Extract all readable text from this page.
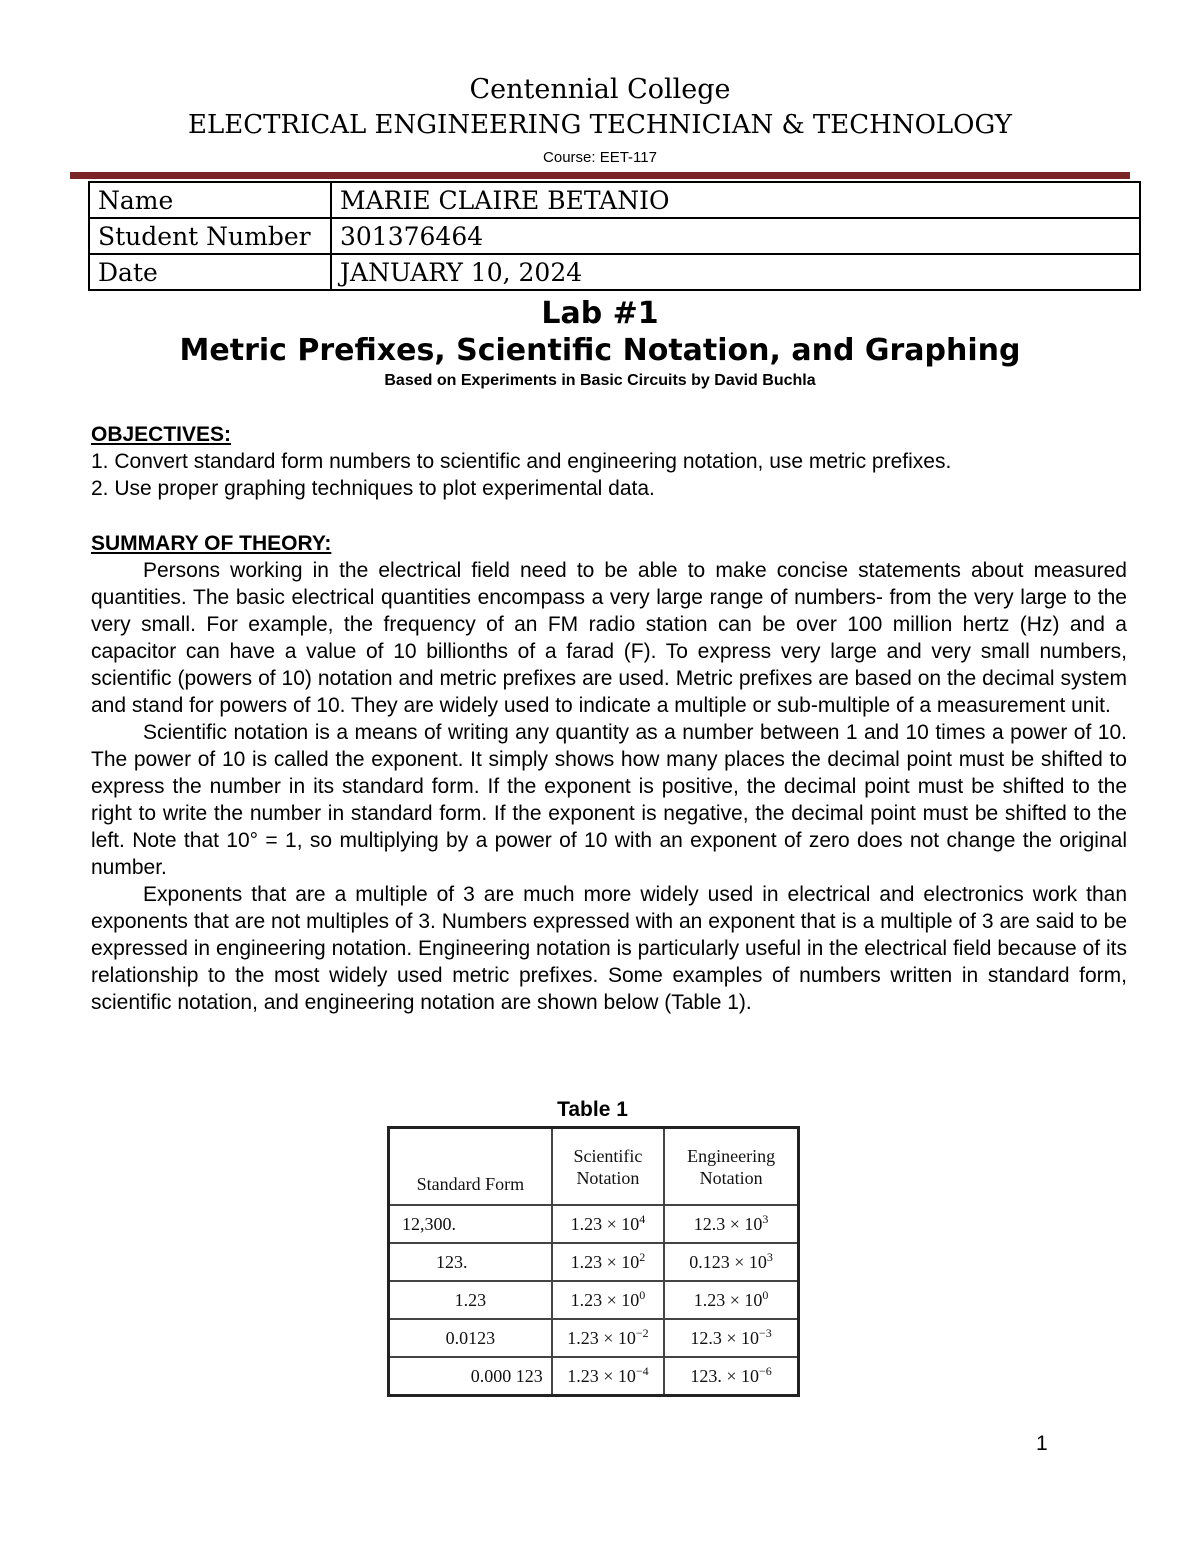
Centennial College
ELECTRICAL ENGINEERING TECHNICIAN & TECHNOLOGY
Course: EET-117
Name	MARIE CLAIRE BETANIO
Student Number	301376464
Date	JANUARY 10, 2024
Lab #1
Metric Prefixes, Scientific Notation, and Graphing
Based on Experiments in Basic Circuits by David Buchla
OBJECTIVES:
1. Convert standard form numbers to scientific and engineering notation, use metric prefixes.
2. Use proper graphing techniques to plot experimental data.
SUMMARY OF THEORY:

Persons working in the electrical field need to be able to make concise statements about measured quantities. The basic electrical quantities encompass a very large range of numbers- from the very large to the very small. For example, the frequency of an FM radio station can be over 100 million hertz (Hz) and a capacitor can have a value of 10 billionths of a farad (F). To express very large and very small numbers, scientific (powers of 10) notation and metric prefixes are used. Metric prefixes are based on the decimal system and stand for powers of 10. They are widely used to indicate a multiple or sub-multiple of a measurement unit.

Scientific notation is a means of writing any quantity as a number between 1 and 10 times a power of 10. The power of 10 is called the exponent. It simply shows how many places the decimal point must be shifted to express the number in its standard form. If the exponent is positive, the decimal point must be shifted to the right to write the number in standard form. If the exponent is negative, the decimal point must be shifted to the left. Note that 10° = 1, so multiplying by a power of 10 with an exponent of zero does not change the original number.

Exponents that are a multiple of 3 are much more widely used in electrical and electronics work than exponents that are not multiples of 3. Numbers expressed with an exponent that is a multiple of 3 are said to be expressed in engineering notation. Engineering notation is particularly useful in the electrical field because of its relationship to the most widely used metric prefixes. Some examples of numbers written in standard form, scientific notation, and engineering notation are shown below (Table 1).

Table 1
Standard Form	Scientific Notation	Engineering Notation
12,300.	$1.23 \times 10^4$	$12.3 \times 10^3$
123.	$1.23 \times 10^2$	$0.123 \times 10^3$
1.23	$1.23 \times 10^0$	$1.23 \times 10^0$
0.0123	$1.23 \times 10^{-2}$	$12.3 \times 10^{-3}$
0.000 123	$1.23 \times 10^{-4}$	123. × $10^{-6}$
1
